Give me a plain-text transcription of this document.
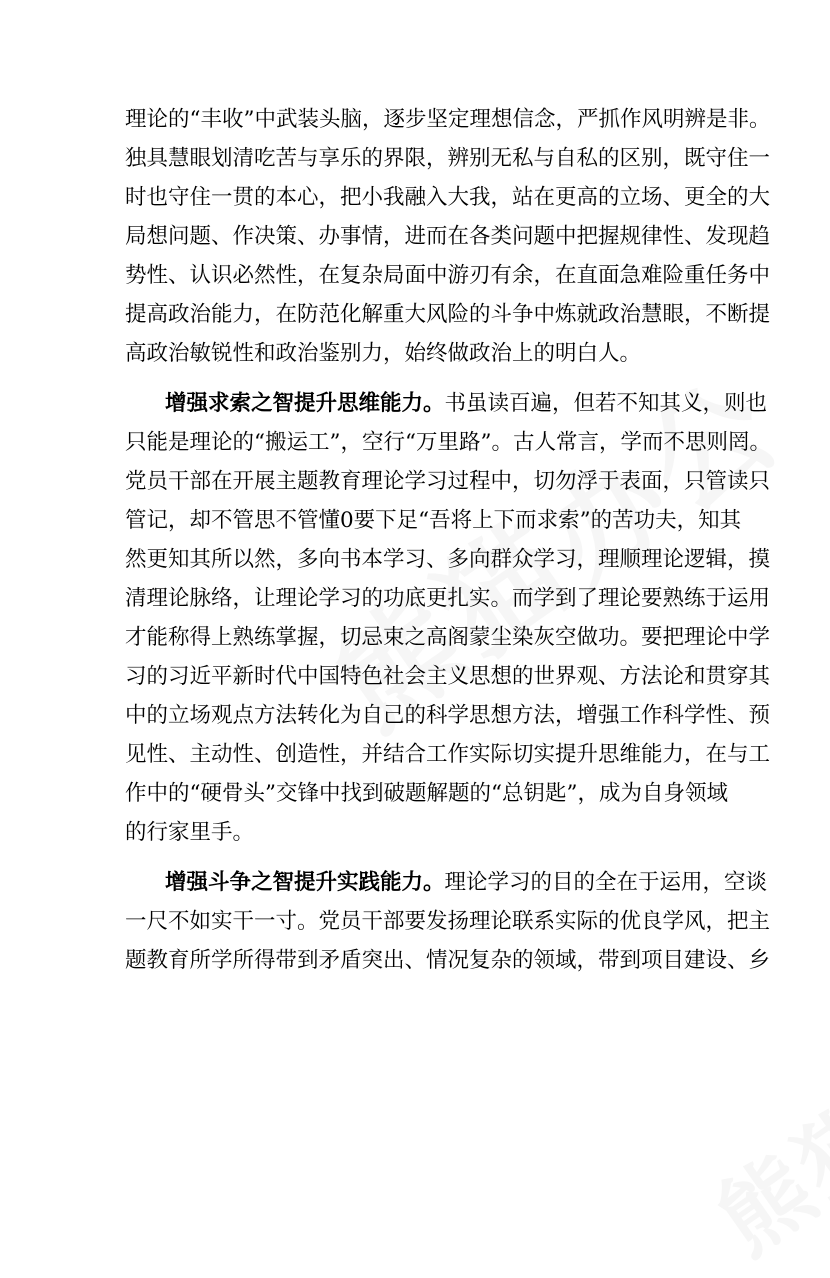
理论的“丰收”中武装头脑，逐步坚定理想信念，严抓作风明辨是非。
独具慧眼划清吃苦与享乐的界限，辨别无私与自私的区别，既守住一
时也守住一贯的本心，把小我融入大我，站在更高的立场、更全的大
局想问题、作决策、办事情，进而在各类问题中把握规律性、发现趋
势性、认识必然性，在复杂局面中游刃有余，在直面急难险重任务中
提高政治能力，在防范化解重大风险的斗争中炼就政治慧眼，不断提
高政治敏锐性和政治鉴别力，始终做政治上的明白人。
增强求索之智提升思维能力。书虽读百遍，但若不知其义，则也
只能是理论的“搬运工”，空行“万里路”。古人常言，学而不思则罔。
党员干部在开展主题教育理论学习过程中，切勿浮于表面，只管读只
管记，却不管思不管懂0要下足“吾将上下而求索”的苦功夫，知其
然更知其所以然，多向书本学习、多向群众学习，理顺理论逻辑，摸
清理论脉络，让理论学习的功底更扎实。而学到了理论要熟练于运用
才能称得上熟练掌握，切忌束之高阁蒙尘染灰空做功。要把理论中学
习的习近平新时代中国特色社会主义思想的世界观、方法论和贯穿其
中的立场观点方法转化为自己的科学思想方法，增强工作科学性、预
见性、主动性、创造性，并结合工作实际切实提升思维能力，在与工
作中的“硬骨头”交锋中找到破题解题的“总钥匙”，成为自身领域
的行家里手。
增强斗争之智提升实践能力。理论学习的目的全在于运用，空谈
一尺不如实干一寸。党员干部要发扬理论联系实际的优良学风，把主
题教育所学所得带到矛盾突出、情况复杂的领域，带到项目建设、乡
